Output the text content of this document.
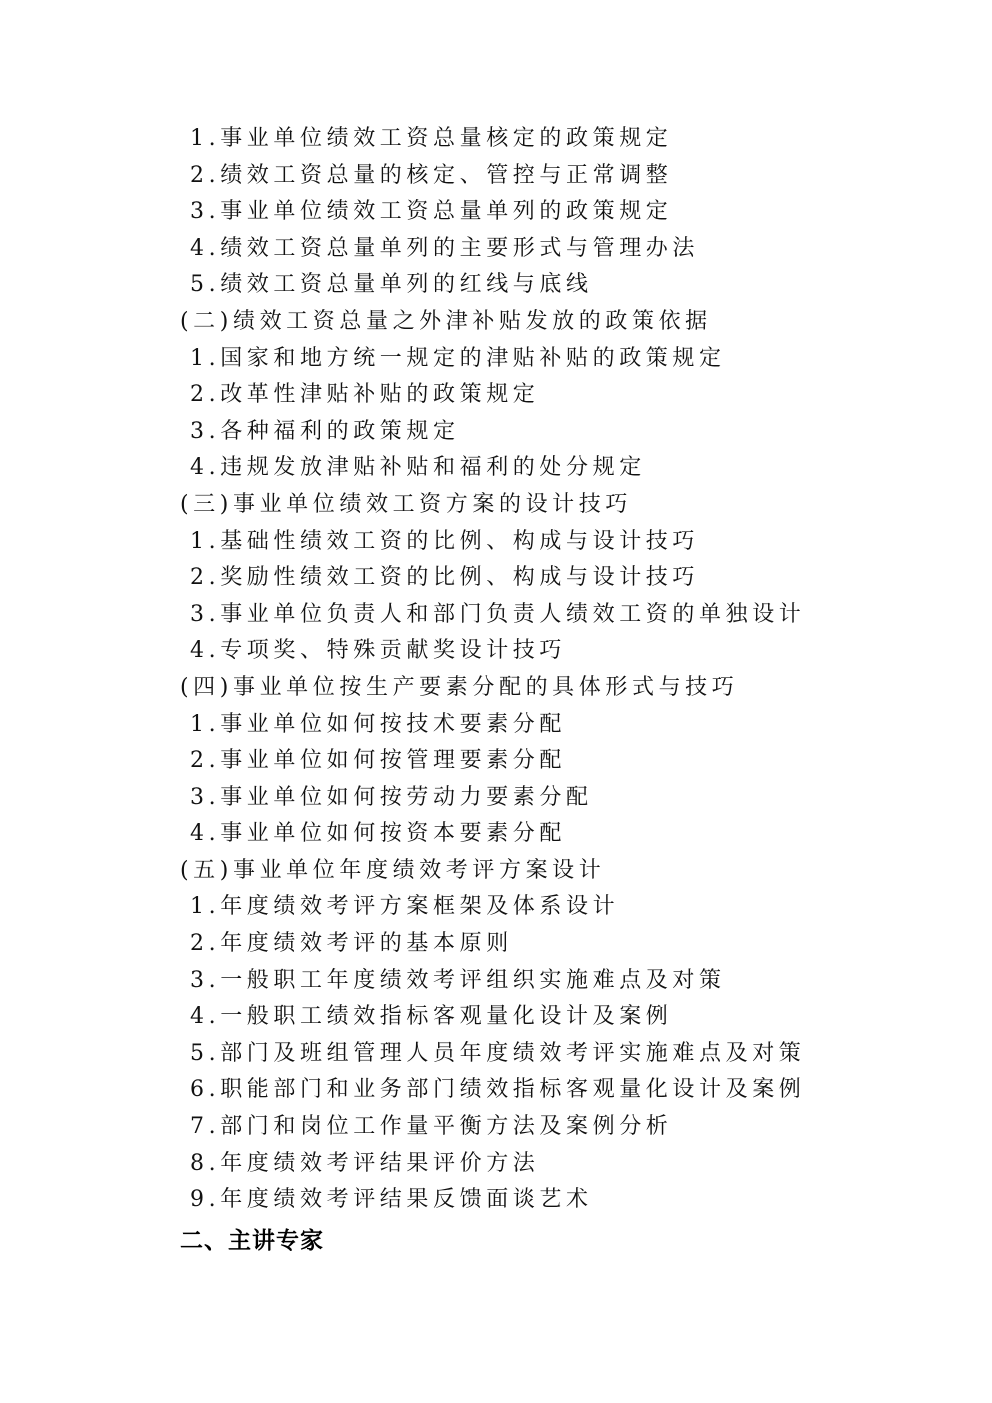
1.事业单位绩效工资总量核定的政策规定
2.绩效工资总量的核定、管控与正常调整
3.事业单位绩效工资总量单列的政策规定
4.绩效工资总量单列的主要形式与管理办法
5.绩效工资总量单列的红线与底线
(二)绩效工资总量之外津补贴发放的政策依据
1.国家和地方统一规定的津贴补贴的政策规定
2.改革性津贴补贴的政策规定
3.各种福利的政策规定
4.违规发放津贴补贴和福利的处分规定
(三)事业单位绩效工资方案的设计技巧
1.基础性绩效工资的比例、构成与设计技巧
2.奖励性绩效工资的比例、构成与设计技巧
3.事业单位负责人和部门负责人绩效工资的单独设计
4.专项奖、特殊贡献奖设计技巧
(四)事业单位按生产要素分配的具体形式与技巧
1.事业单位如何按技术要素分配
2.事业单位如何按管理要素分配
3.事业单位如何按劳动力要素分配
4.事业单位如何按资本要素分配
(五)事业单位年度绩效考评方案设计
1.年度绩效考评方案框架及体系设计
2.年度绩效考评的基本原则
3.一般职工年度绩效考评组织实施难点及对策
4.一般职工绩效指标客观量化设计及案例
5.部门及班组管理人员年度绩效考评实施难点及对策
6.职能部门和业务部门绩效指标客观量化设计及案例
7.部门和岗位工作量平衡方法及案例分析
8.年度绩效考评结果评价方法
9.年度绩效考评结果反馈面谈艺术
二、主讲专家
